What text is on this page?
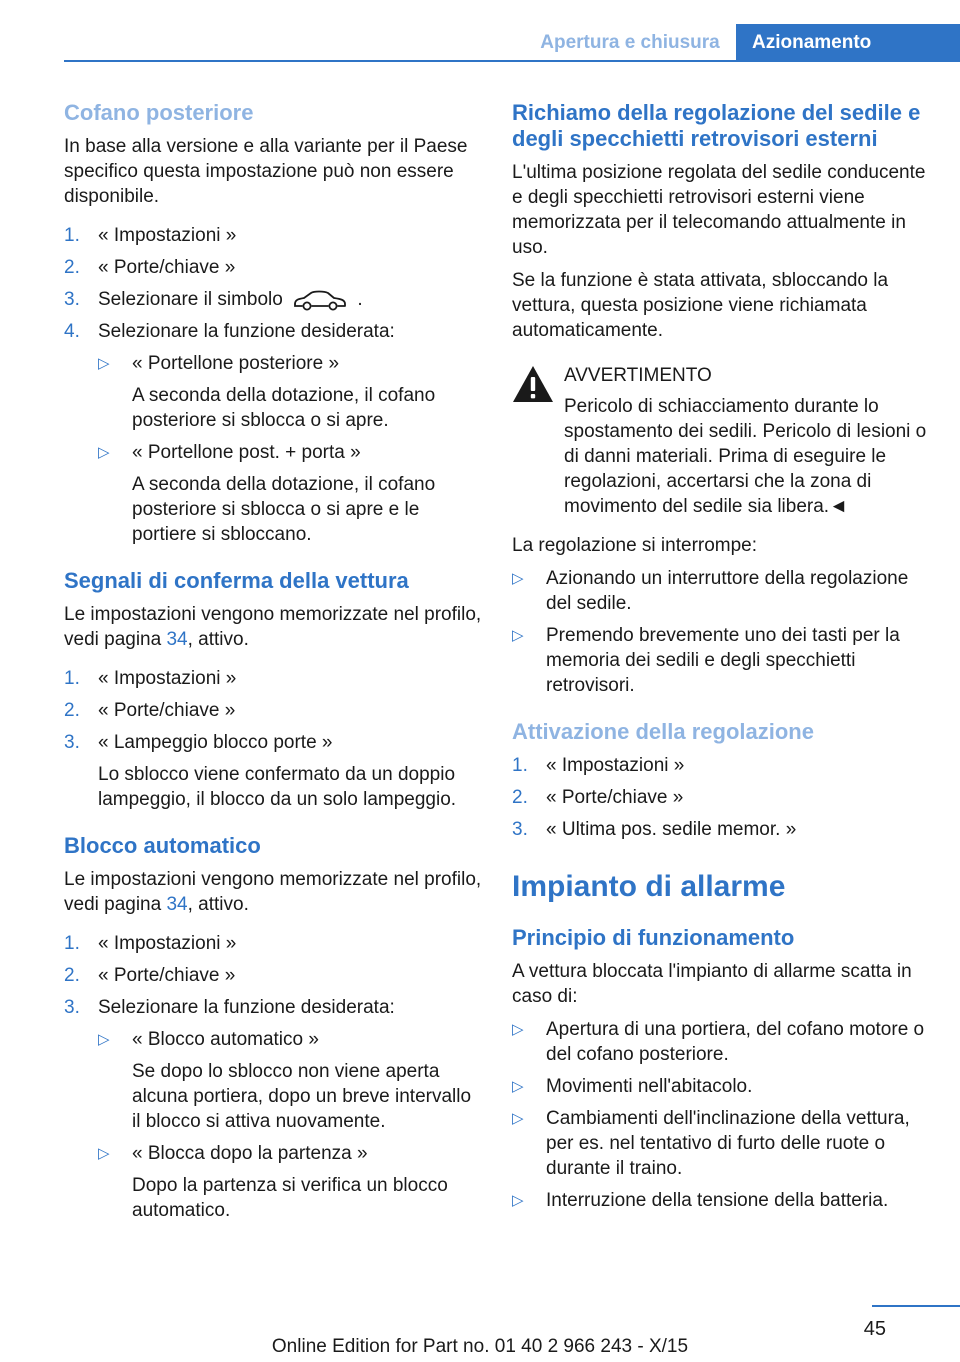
Apertura e chiusura	Azionamento
Cofano posteriore

In base alla versione e alla variante per il Paese specifico questa impostazione può non essere disponibile.

1. « Impostazioni »
2. « Porte/chiave »
3. Selezionare il simbolo	.
4. Selezionare la funzione desiderata:
▷ « Portellone posteriore »
A seconda della dotazione, il cofano posteriore si sblocca o si apre.
▷ « Portellone post. + porta »
A seconda della dotazione, il cofano posteriore si sblocca o si apre e le portiere si sbloccano.
Segnali di conferma della vettura

Le impostazioni vengono memorizzate nel profilo, vedi pagina 34, attivo.

1. « Impostazioni »
2. « Porte/chiave »
3. « Lampeggio blocco porte »
Lo sblocco viene confermato da un doppio lampeggio, il blocco da un solo lampeggio.
Blocco automatico

Le impostazioni vengono memorizzate nel profilo, vedi pagina 34, attivo.

1. « Impostazioni »
2. « Porte/chiave »
3. Selezionare la funzione desiderata:
▷ « Blocco automatico »
Se dopo lo sblocco non viene aperta alcuna portiera, dopo un breve intervallo il blocco si attiva nuovamente.
▷ « Blocca dopo la partenza »
Dopo la partenza si verifica un blocco automatico.
Richiamo della regolazione del sedile e degli specchietti retrovisori esterni

L'ultima posizione regolata del sedile conducente e degli specchietti retrovisori esterni viene memorizzata per il telecomando attualmente in uso.

Se la funzione è stata attivata, sbloccando la vettura, questa posizione viene richiamata automaticamente.

AVVERTIMENTO
Pericolo di schiacciamento durante lo spostamento dei sedili. Pericolo di lesioni o di danni materiali. Prima di eseguire le regolazioni, accertarsi che la zona di movimento del sedile sia libera.◄

La regolazione si interrompe:

▷ Azionando un interruttore della regolazione del sedile.
▷ Premendo brevemente uno dei tasti per la memoria dei sedili e degli specchietti retrovisori.
Attivazione della regolazione
1. « Impostazioni »
2. « Porte/chiave »
3. « Ultima pos. sedile memor. »
Impianto di allarme
Principio di funzionamento

A vettura bloccata l'impianto di allarme scatta in caso di:

▷ Apertura di una portiera, del cofano motore o del cofano posteriore.
▷ Movimenti nell'abitacolo.
▷ Cambiamenti dell'inclinazione della vettura, per es. nel tentativo di furto delle ruote o durante il traino.
▷ Interruzione della tensione della batteria.
45
Online Edition for Part no. 01 40 2 966 243 - X/15
